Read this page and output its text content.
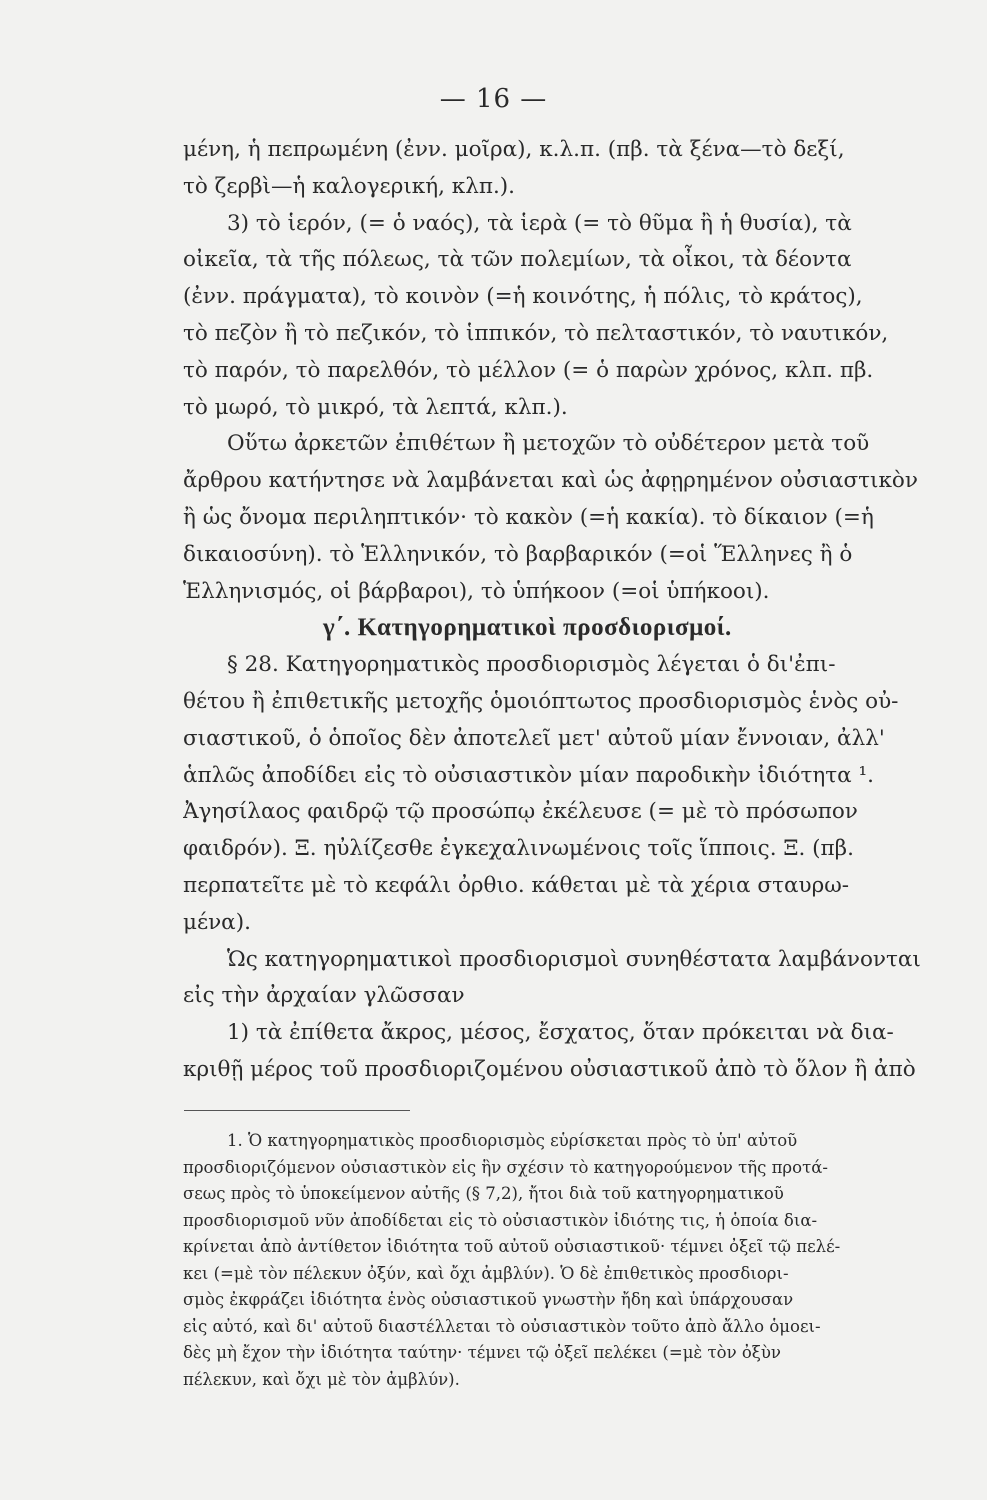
— 16 —
μένη, ἡ πεπρωμένη (ἐνν. μοῖρα), κ.λ.π. (πβ. τὰ ξένα—τὸ δεξί,
τὸ ζερβὶ—ἡ καλογερική, κλπ.).
3) τὸ ἱερόν, (= ὁ ναός), τὰ ἱερὰ (= τὸ θῦμα ἢ ἡ θυσία), τὰ
οἰκεῖα, τὰ τῆς πόλεως, τὰ τῶν πολεμίων, τὰ οἶκοι, τὰ δέοντα
(ἐνν. πράγματα), τὸ κοινὸν (=ἡ κοινότης, ἡ πόλις, τὸ κράτος),
τὸ πεζὸν ἢ τὸ πεζικόν, τὸ ἱππικόν, τὸ πελταστικόν, τὸ ναυτικόν,
τὸ παρόν, τὸ παρελθόν, τὸ μέλλον (= ὁ παρὼν χρόνος, κλπ. πβ.
τὸ μωρό, τὸ μικρό, τὰ λεπτά, κλπ.).
Οὕτω ἀρκετῶν ἐπιθέτων ἢ μετοχῶν τὸ οὐδέτερον μετὰ τοῦ
ἄρθρου κατήντησε νὰ λαμβάνεται καὶ ὡς ἀφῃρημένον οὐσιαστικὸν
ἢ ὡς ὄνομα περιληπτικόν· τὸ κακὸν (=ἡ κακία). τὸ δίκαιον (=ἡ
δικαιοσύνη). τὸ Ἑλληνικόν, τὸ βαρβαρικόν (=οἱ Ἕλληνες ἢ ὁ
Ἑλληνισμός, οἱ βάρβαροι), τὸ ὑπήκοον (=οἱ ὑπήκοοι).
γ΄. Κατηγορηματικοὶ προσδιορισμοί.
§ 28. Κατηγορηματικὸς προσδιορισμὸς λέγεται ὁ δι'ἐπι-
θέτου ἢ ἐπιθετικῆς μετοχῆς ὁμοιόπτωτος προσδιορισμὸς ἑνὸς οὐ-
σιαστικοῦ, ὁ ὁποῖος δὲν ἀποτελεῖ μετ' αὐτοῦ μίαν ἔννοιαν, ἀλλ'
ἁπλῶς ἀποδίδει εἰς τὸ οὐσιαστικὸν μίαν παροδικὴν ἰδιότητα ¹.
Ἀγησίλαος φαιδρῷ τῷ προσώπῳ ἐκέλευσε (= μὲ τὸ πρόσωπον
φαιδρόν). Ξ. ηὐλίζεσθε ἐγκεχαλινωμένοις τοῖς ἵπποις. Ξ. (πβ.
περπατεῖτε μὲ τὸ κεφάλι ὀρθιο. κάθεται μὲ τὰ χέρια σταυρω-
μένα).
Ὡς κατηγορηματικοὶ προσδιορισμοὶ συνηθέστατα λαμβάνονται
εἰς τὴν ἀρχαίαν γλῶσσαν
1) τὰ ἐπίθετα ἄκρος, μέσος, ἔσχατος, ὅταν πρόκειται νὰ δια-
κριθῇ μέρος τοῦ προσδιοριζομένου οὐσιαστικοῦ ἀπὸ τὸ ὅλον ἢ ἀπὸ
1. Ὁ κατηγορηματικὸς προσδιορισμὸς εὑρίσκεται πρὸς τὸ ὑπ' αὐτοῦ
προσδιοριζόμενον οὐσιαστικὸν εἰς ἣν σχέσιν τὸ κατηγορούμενον τῆς προτά-
σεως πρὸς τὸ ὑποκείμενον αὐτῆς (§ 7,2), ἤτοι διὰ τοῦ κατηγορηματικοῦ
προσδιορισμοῦ νῦν ἀποδίδεται εἰς τὸ οὐσιαστικὸν ἰδιότης τις, ἡ ὁποία δια-
κρίνεται ἀπὸ ἀντίθετον ἰδιότητα τοῦ αὐτοῦ οὐσιαστικοῦ· τέμνει ὀξεῖ τῷ πελέ-
κει (=μὲ τὸν πέλεκυν ὀξύν, καὶ ὄχι ἀμβλύν). Ὁ δὲ ἐπιθετικὸς προσδιορι-
σμὸς ἐκφράζει ἰδιότητα ἑνὸς οὐσιαστικοῦ γνωστὴν ἤδη καὶ ὑπάρχουσαν
εἰς αὐτό, καὶ δι' αὐτοῦ διαστέλλεται τὸ οὐσιαστικὸν τοῦτο ἀπὸ ἄλλο ὁμοει-
δὲς μὴ ἔχον τὴν ἰδιότητα ταύτην· τέμνει τῷ ὀξεῖ πελέκει (=μὲ τὸν ὀξὺν
πέλεκυν, καὶ ὄχι μὲ τὸν ἀμβλύν).
